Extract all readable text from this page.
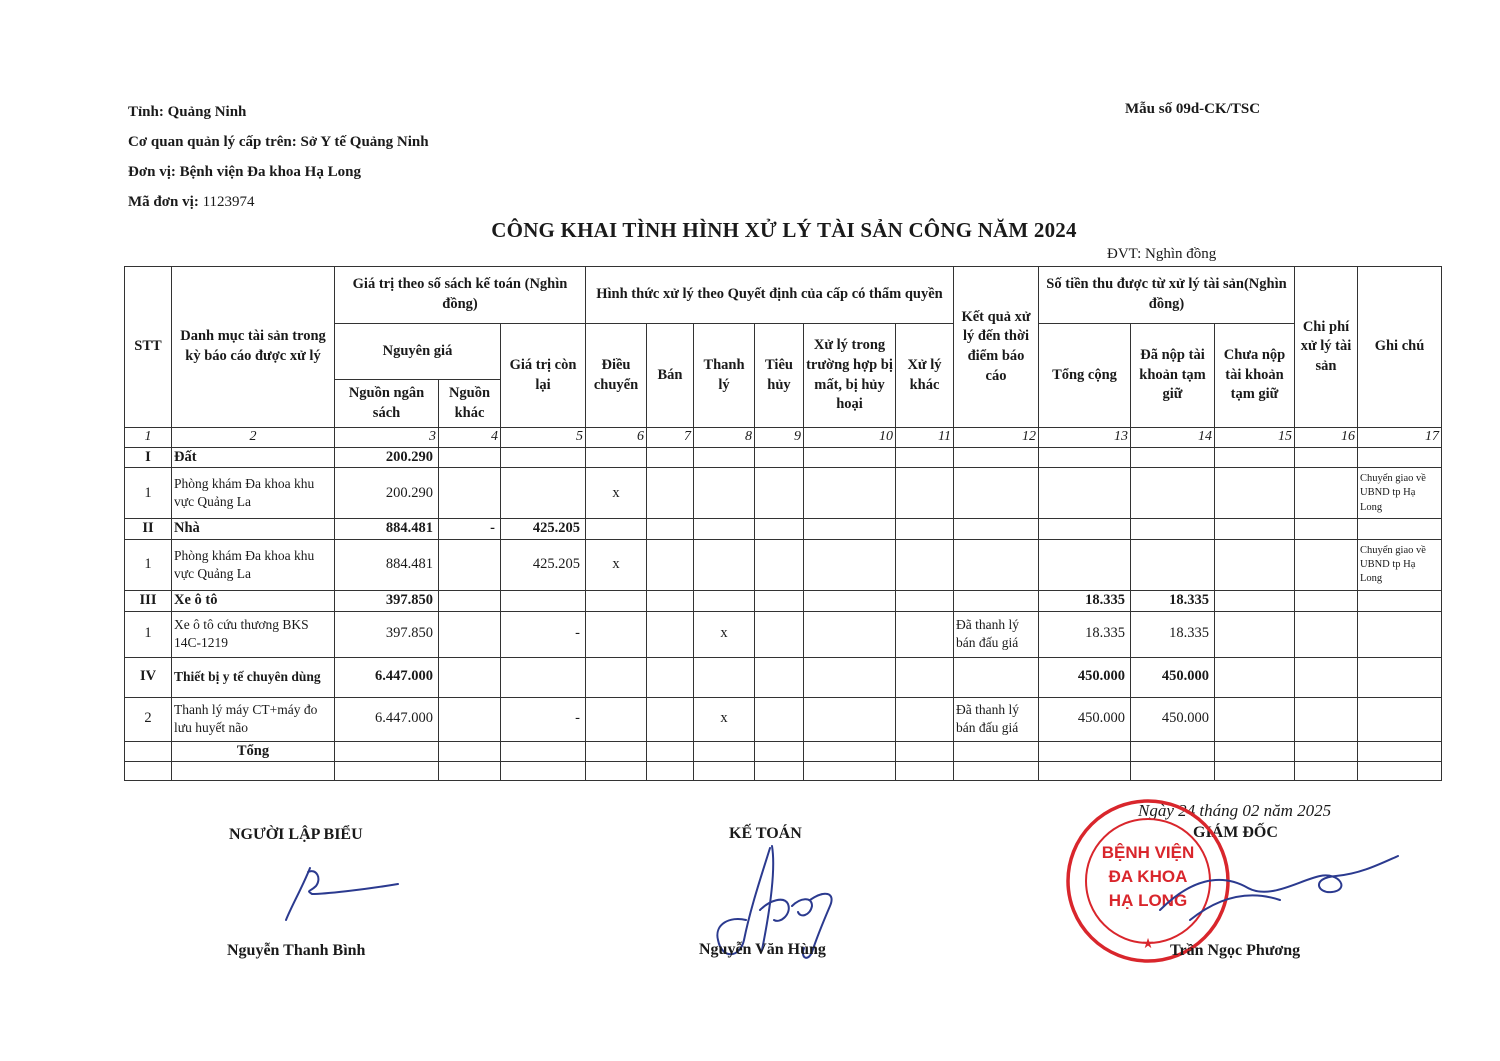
Tỉnh: Quảng Ninh
Cơ quan quản lý cấp trên: Sở Y tế Quảng Ninh
Đơn vị: Bệnh viện Đa khoa Hạ Long
Mã đơn vị: 1123974
Mẫu số 09d-CK/TSC
CÔNG KHAI TÌNH HÌNH XỬ LÝ TÀI SẢN CÔNG NĂM 2024
ĐVT: Nghìn đồng
STT	Danh mục tài sản trong kỳ báo cáo được xử lý	Giá trị theo số sách kế toán (Nghìn đồng)			Hình thức xử lý theo Quyết định của cấp có thẩm quyền						Kết quả xử lý đến thời điểm báo cáo	Số tiền thu được từ xử lý tài sản(Nghìn đồng)			Chi phí xử lý tài sản	Ghi chú
		Nguyên giá		Giá trị còn lại	Điều chuyển	Bán	Thanh lý	Tiêu hủy	Xử lý trong trường hợp bị mất, bị hủy hoại	Xử lý khác		Tổng cộng	Đã nộp tài khoản tạm giữ	Chưa nộp tài khoản tạm giữ		
		Nguồn ngân sách	Nguồn khác													
1	2	3	4	5	6	7	8	9	10	11	12	13	14	15	16	17
I	Đất	200.290														
1	Phòng khám Đa khoa khu vực Quảng La	200.290			x											Chuyển giao về UBND tp Hạ Long
II	Nhà	884.481	-	425.205												
1	Phòng khám Đa khoa khu vực Quảng La	884.481		425.205	x											Chuyển giao về UBND tp Hạ Long
III	Xe ô tô	397.850										18.335	18.335			
1	Xe ô tô cứu thương BKS 14C-1219	397.850		-			x				Đã thanh lý bán đấu giá	18.335	18.335			
IV	Thiết bị y tế chuyên dùng	6.447.000										450.000	450.000			
2	Thanh lý máy CT+máy đo lưu huyết não	6.447.000		-			x				Đã thanh lý bán đấu giá	450.000	450.000			
	Tổng															

Ngày 24 tháng 02 năm 2025
NGƯỜI LẬP BIỂU
Nguyễn Thanh Bình
KẾ TOÁN
Nguyễn Văn Hùng
GIÁM ĐỐC
BỆNH VIỆN
ĐA KHOA
HẠ LONG
★ Trần Ngọc Phương
